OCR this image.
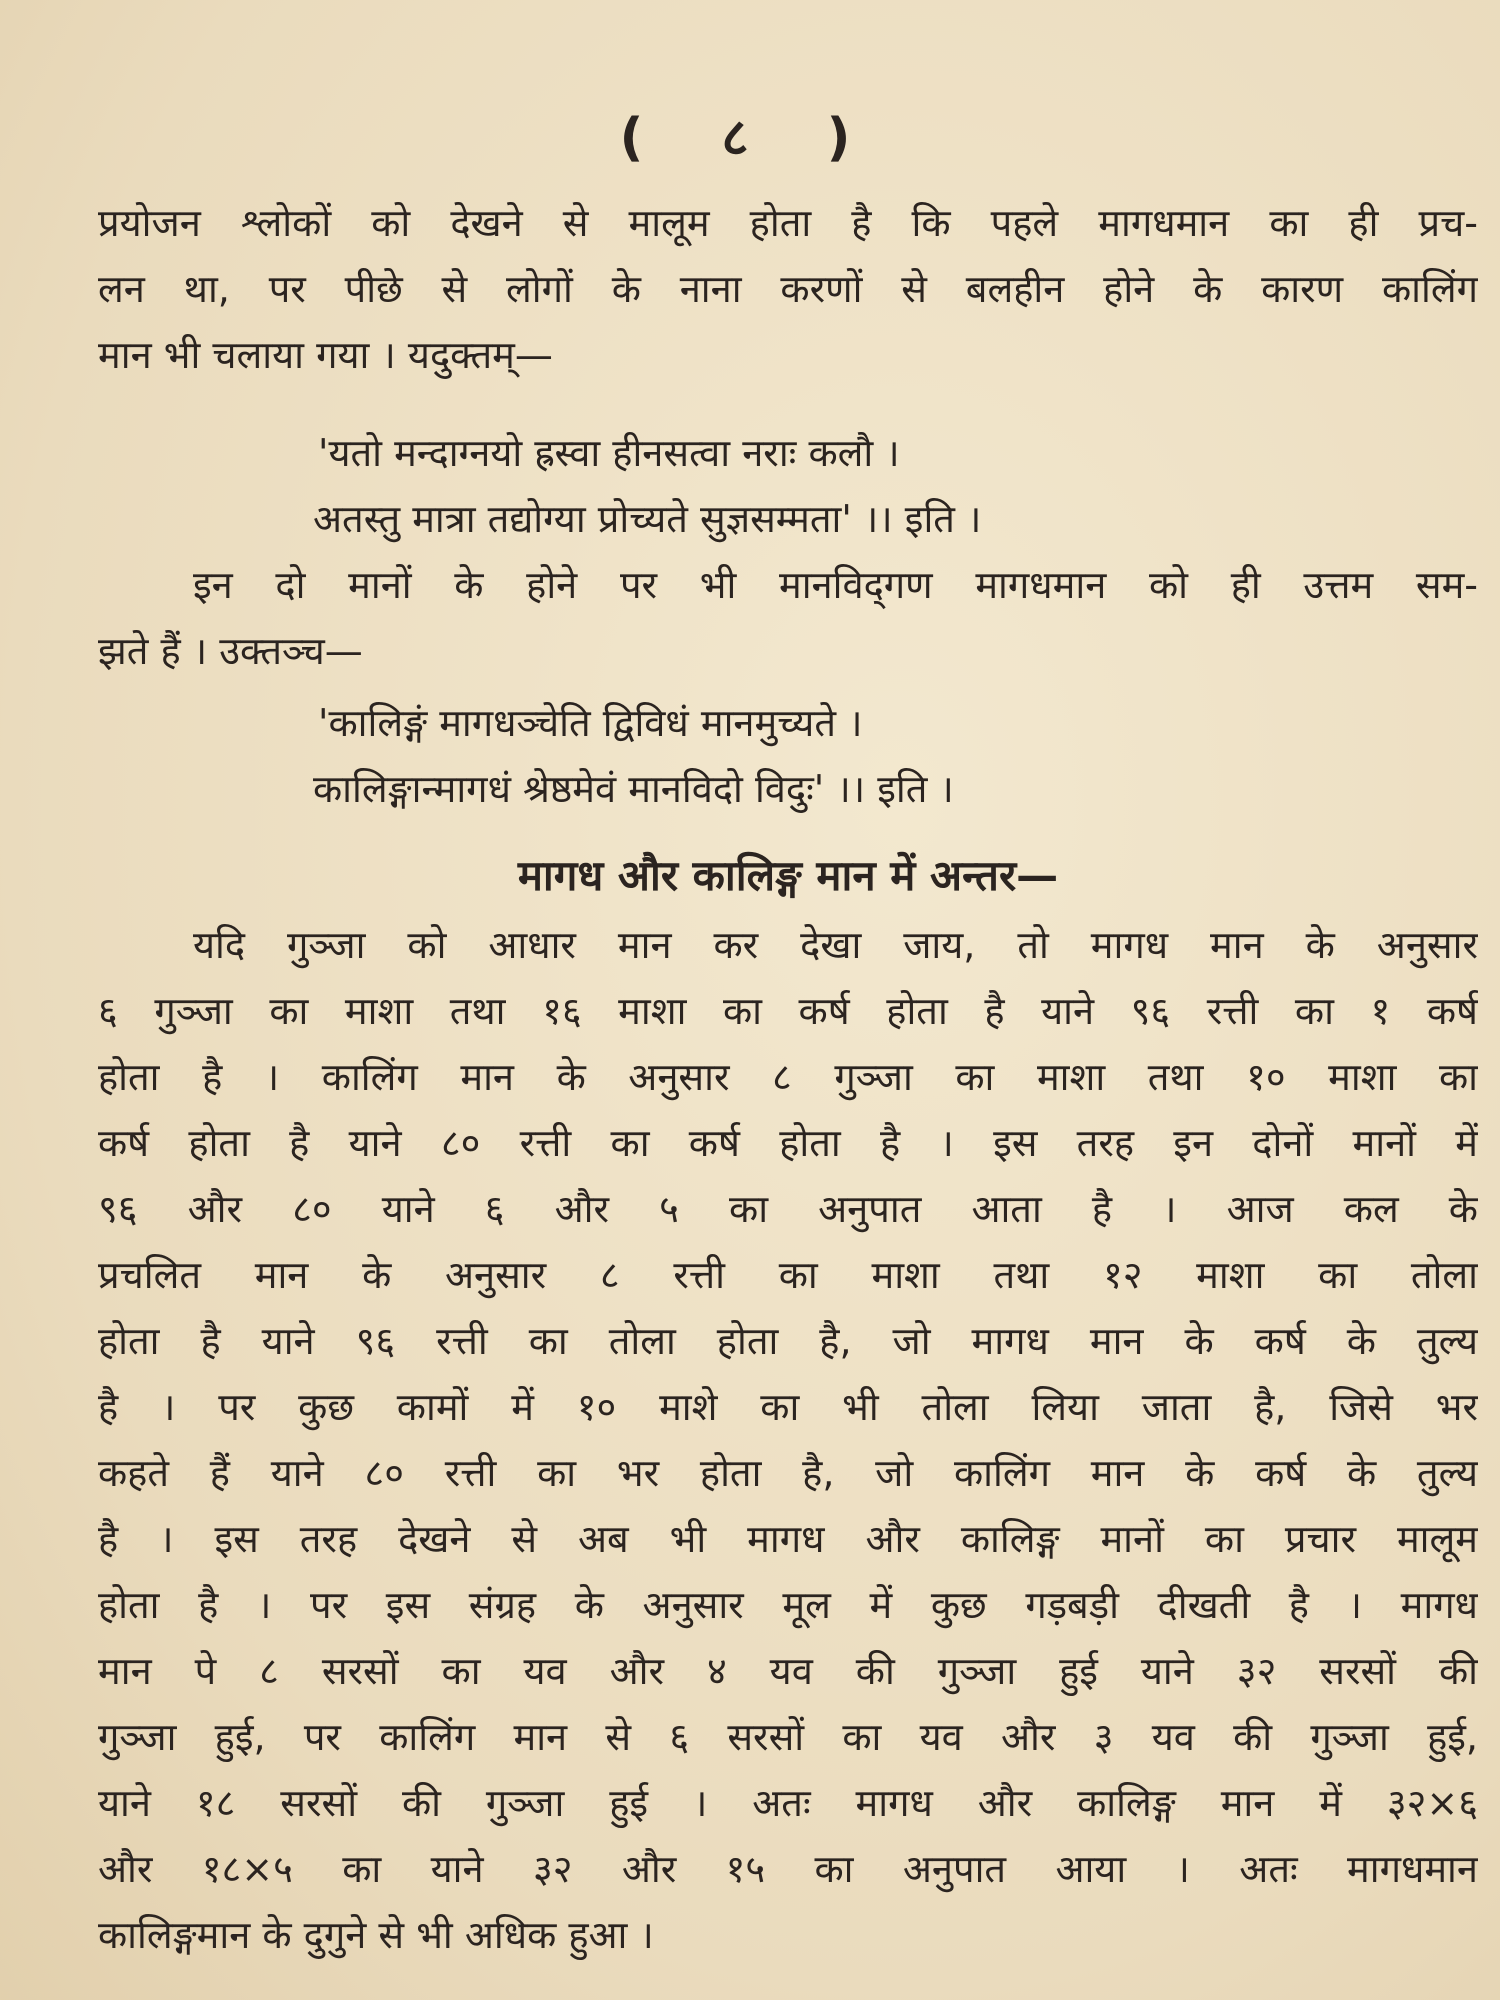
( ८ )
प्रयोजन श्लोकों को देखने से मालूम होता है कि पहले मागधमान का ही प्रच-
लन था, पर पीछे से लोगों के नाना करणों से बलहीन होने के कारण कालिंग
मान भी चलाया गया । यदुक्तम्—
'यतो मन्दाग्नयो ह्रस्वा हीनसत्वा नराः कलौ ।
अतस्तु मात्रा तद्योग्या प्रोच्यते सुज्ञसम्मता' ।। इति ।
इन दो मानों के होने पर भी मानविद्‌गण मागधमान को ही उत्तम सम-
झते हैं । उक्तञ्च—
'कालिङ्गं मागधञ्चेति द्विविधं मानमुच्यते ।
कालिङ्गान्मागधं श्रेष्ठमेवं मानविदो विदुः' ।। इति ।
मागध और कालिङ्ग मान में अन्तर—
यदि गुञ्जा को आधार मान कर देखा जाय, तो मागध मान के अनुसार
६ गुञ्जा का माशा तथा १६ माशा का कर्ष होता है याने ९६ रत्ती का १ कर्ष
होता है । कालिंग मान के अनुसार ८ गुञ्जा का माशा तथा १० माशा का
कर्ष होता है याने ८० रत्ती का कर्ष होता है । इस तरह इन दोनों मानों में
९६ और ८० याने ६ और ५ का अनुपात आता है । आज कल के
प्रचलित मान के अनुसार ८ रत्ती का माशा तथा १२ माशा का तोला
होता है याने ९६ रत्ती का तोला होता है, जो मागध मान के कर्ष के तुल्य
है । पर कुछ कामों में १० माशे का भी तोला लिया जाता है, जिसे भर
कहते हैं याने ८० रत्ती का भर होता है, जो कालिंग मान के कर्ष के तुल्य
है । इस तरह देखने से अब भी मागध और कालिङ्ग मानों का प्रचार मालूम
होता है । पर इस संग्रह के अनुसार मूल में कुछ गड़बड़ी दीखती है । मागध
मान पे ८ सरसों का यव और ४ यव की गुञ्जा हुई याने ३२ सरसों की
गुञ्जा हुई, पर कालिंग मान से ६ सरसों का यव और ३ यव की गुञ्जा हुई,
याने १८ सरसों की गुञ्जा हुई । अतः मागध और कालिङ्ग मान में ३२×६
और १८×५ का याने ३२ और १५ का अनुपात आया । अतः मागधमान
कालिङ्गमान के दुगुने से भी अधिक हुआ ।
